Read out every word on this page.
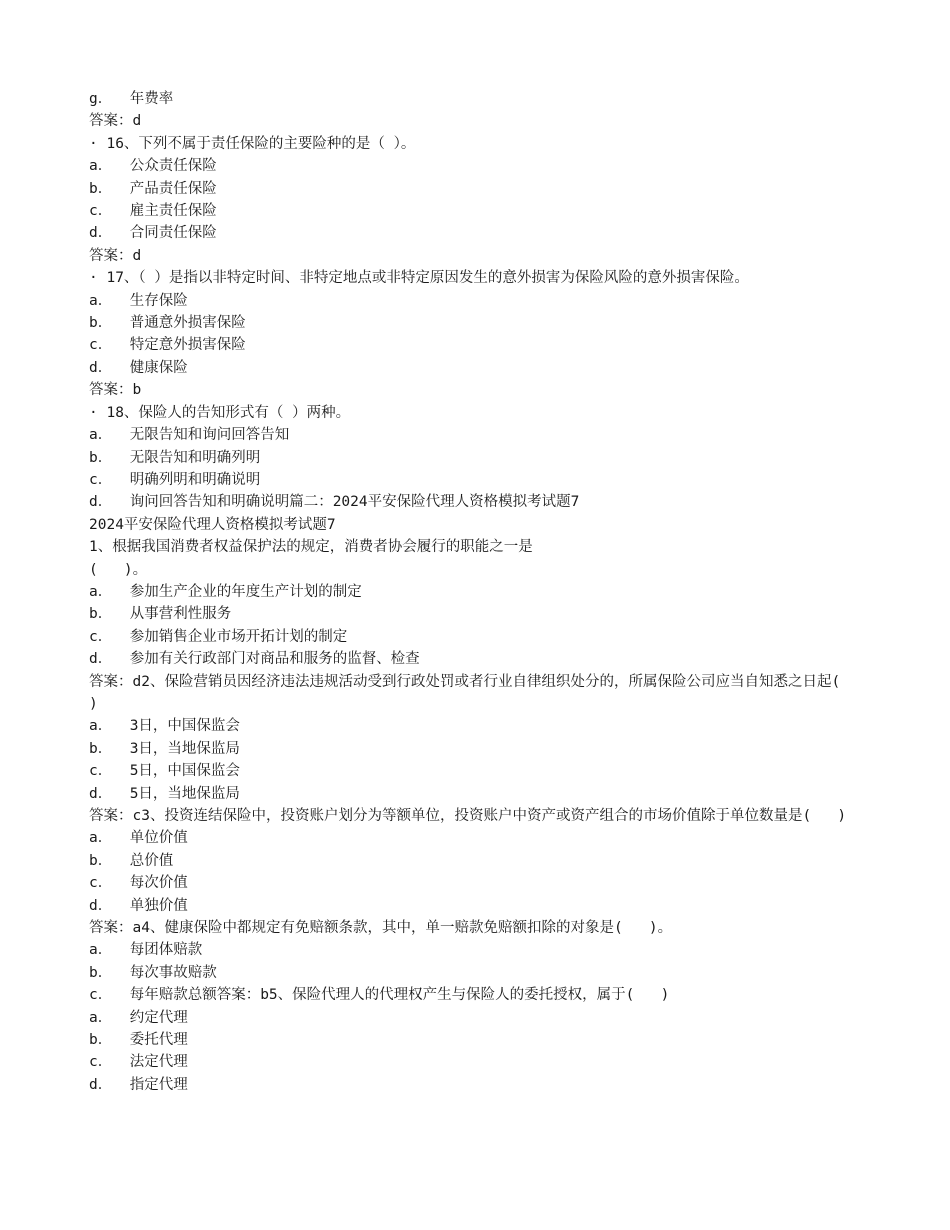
g．  年费率

答案：d

· 16、下列不属于责任保险的主要险种的是（ ）。

a．  公众责任保险

b．  产品责任保险

c．  雇主责任保险

d．  合同责任保险

答案：d

· 17、（ ）是指以非特定时间、非特定地点或非特定原因发生的意外损害为保险风险的意外损害保险。

a．  生存保险

b．  普通意外损害保险

c．  特定意外损害保险

d．  健康保险

答案：b

· 18、保险人的告知形式有（ ）两种。

a．  无限告知和询问回答告知

b．  无限告知和明确列明

c．  明确列明和明确说明

d．  询问回答告知和明确说明篇二：2024平安保险代理人资格模拟考试题7

2024平安保险代理人资格模拟考试题7

1、根据我国消费者权益保护法的规定，消费者协会履行的职能之一是

(   )。

a．  参加生产企业的年度生产计划的制定

b．  从事营利性服务

c．  参加销售企业市场开拓计划的制定

d．  参加有关行政部门对商品和服务的监督、检查

答案：d2、保险营销员因经济违法违规活动受到行政处罚或者行业自律组织处分的，所属保险公司应当自知悉之日起(   )

a．  3日，中国保监会

b．  3日，当地保监局

c．  5日，中国保监会

d．  5日，当地保监局

答案：c3、投资连结保险中，投资账户划分为等额单位，投资账户中资产或资产组合的市场价值除于单位数量是(   )

a．  单位价值

b．  总价值

c．  每次价值

d．  单独价值

答案：a4、健康保险中都规定有免赔额条款，其中，单一赔款免赔额扣除的对象是(   )。

a．  每团体赔款

b．  每次事故赔款

c．  每年赔款总额答案：b5、保险代理人的代理权产生与保险人的委托授权，属于(   )

a．  约定代理

b．  委托代理

c．  法定代理

d．  指定代理
